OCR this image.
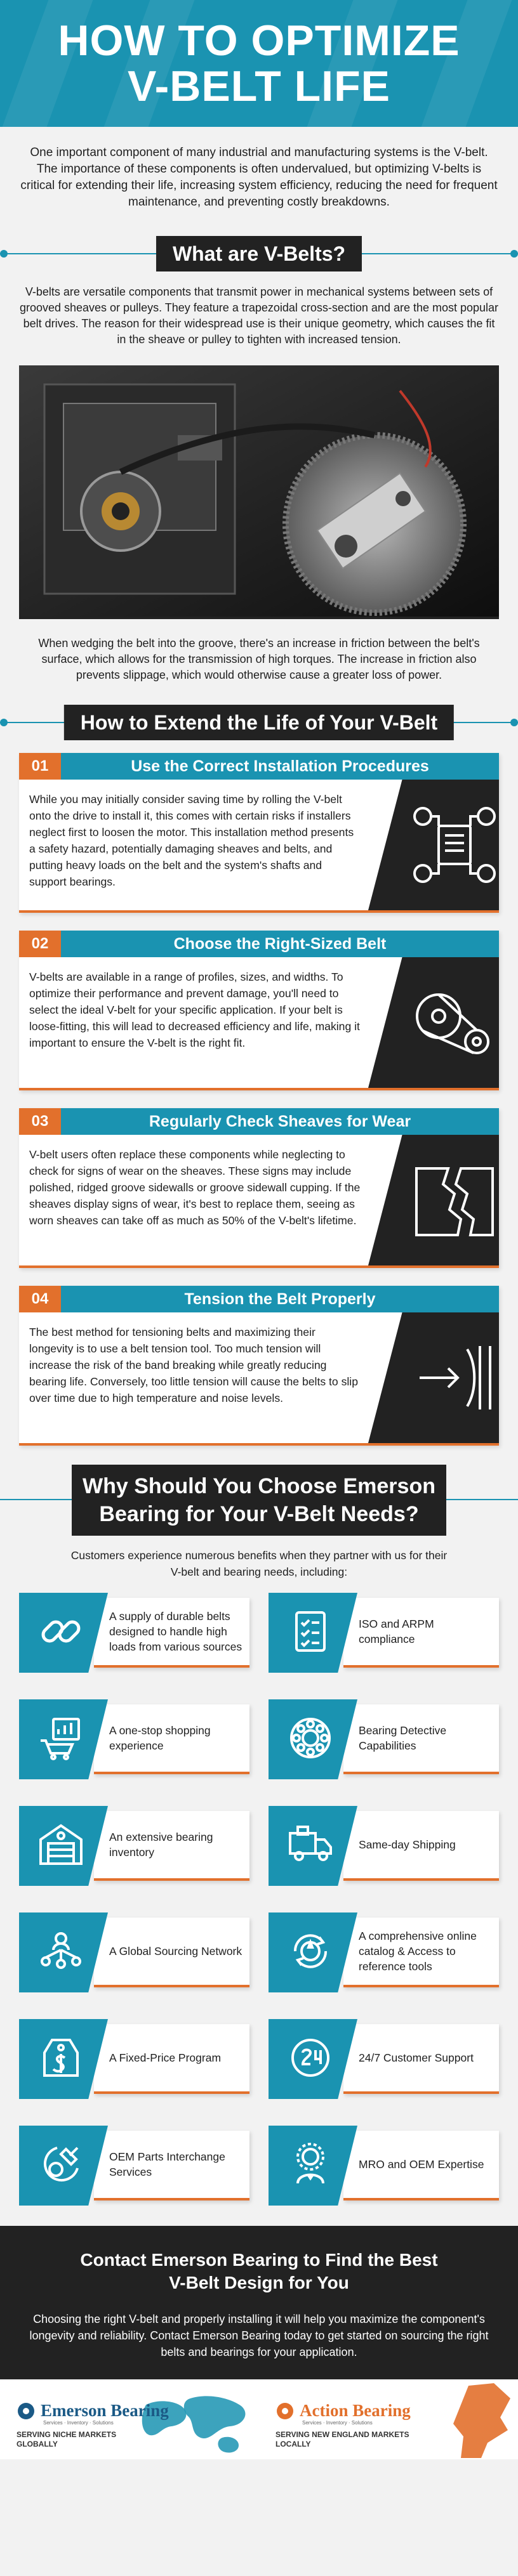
HOW TO OPTIMIZE
V-BELT LIFE

One important component of many industrial and manufacturing systems is the V-belt. The importance of these components is often undervalued, but optimizing V-belts is critical for extending their life, increasing system efficiency, reducing the need for frequent maintenance, and preventing costly breakdowns.

What are V-Belts?

V-belts are versatile components that transmit power in mechanical systems between sets of grooved sheaves or pulleys. They feature a trapezoidal cross-section and are the most popular belt drives. The reason for their widespread use is their unique geometry, which causes the fit in the sheave or pulley to tighten with increased tension.

When wedging the belt into the groove, there's an increase in friction between the belt's surface, which allows for the transmission of high torques. The increase in friction also prevents slippage, which would otherwise cause a greater loss of power.

How to Extend the Life of Your V-Belt
01	Use the Correct Installation Procedures
While you may initially consider saving time by rolling the V-belt onto the drive to install it, this comes with certain risks if installers neglect first to loosen the motor. This installation method presents a safety hazard, potentially damaging sheaves and belts, and putting heavy loads on the belt and the system's shafts and support bearings.
02	Choose the Right-Sized Belt
V-belts are available in a range of profiles, sizes, and widths. To optimize their performance and prevent damage, you'll need to select the ideal V-belt for your specific application. If your belt is loose-fitting, this will lead to decreased efficiency and life, making it important to ensure the V-belt is the right fit.
03	Regularly Check Sheaves for Wear
V-belt users often replace these components while neglecting to check for signs of wear on the sheaves. These signs may include polished, ridged groove sidewalls or groove sidewall cupping. If the sheaves display signs of wear, it's best to replace them, seeing as worn sheaves can take off as much as 50% of the V-belt's lifetime.
04	Tension the Belt Properly
The best method for tensioning belts and maximizing their longevity is to use a belt tension tool. Too much tension will increase the risk of the band breaking while greatly reducing bearing life. Conversely, too little tension will cause the belts to slip over time due to high temperature and noise levels.
Why Should You Choose Emerson
Bearing for Your V-Belt Needs?

Customers experience numerous benefits when they partner with us for their V-belt and bearing needs, including:

A supply of durable belts designed to handle high loads from various sources
ISO and ARPM compliance
A one-stop shopping experience
Bearing Detective Capabilities
An extensive bearing inventory
Same-day Shipping
A Global Sourcing Network
A comprehensive online catalog & Access to reference tools
A Fixed-Price Program	24/7 Customer Support
OEM Parts Interchange Services
MRO and OEM Expertise
Contact Emerson Bearing to Find the Best
V-Belt Design for You

Choosing the right V-belt and properly installing it will help you maximize the component's longevity and reliability. Contact Emerson Bearing today to get started on sourcing the right belts and bearings for your application.

Emerson Bearing
Services · Inventory · Solutions
SERVING NICHE MARKETS
GLOBALLY
Action Bearing
Services · Inventory · Solutions
SERVING NEW ENGLAND MARKETS
LOCALLY
